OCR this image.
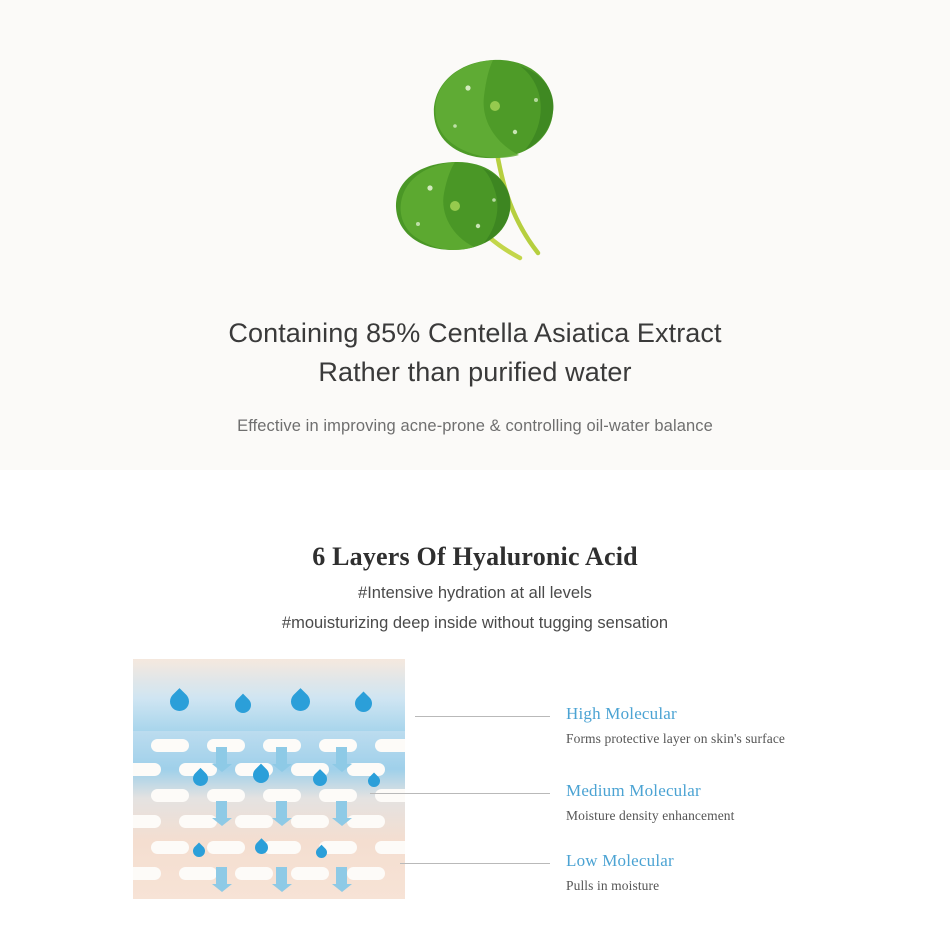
Containing 85% Centella Asiatica Extract
Rather than purified water

Effective in improving acne-prone & controlling oil-water balance

6 Layers Of Hyaluronic Acid
#Intensive hydration at all levels
#mouisturizing deep inside without tugging sensation
High Molecular
Forms protective layer on skin's surface
Medium Molecular
Moisture density enhancement
Low Molecular
Pulls in moisture
